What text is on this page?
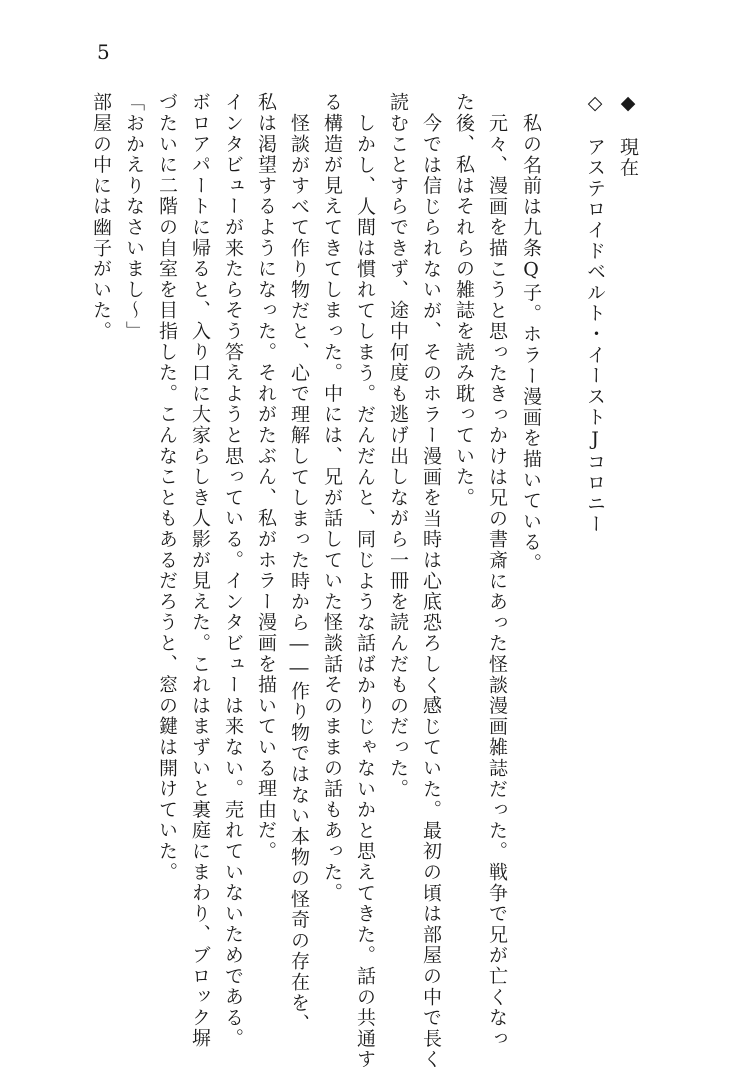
5
◆　現在
◇　アステロイドベルト・イーストJコロニー
私の名前は九条Q子。ホラー漫画を描いている。
元々、漫画を描こうと思ったきっかけは兄の書斎にあった怪談漫画雑誌だった。戦争で兄が亡くなっ
た後、私はそれらの雑誌を読み耽っていた。
今では信じられないが、そのホラー漫画を当時は心底恐ろしく感じていた。最初の頃は部屋の中で長く
読むことすらできず、途中何度も逃げ出しながら一冊を読んだものだった。
しかし、人間は慣れてしまう。だんだんと、同じような話ばかりじゃないかと思えてきた。話の共通す
る構造が見えてきてしまった。中には、兄が話していた怪談話そのままの話もあった。
怪談がすべて作り物だと、心で理解してしまった時から――作り物ではない本物の怪奇の存在を、
私は渇望するようになった。それがたぶん、私がホラー漫画を描いている理由だ。
インタビューが来たらそう答えようと思っている。インタビューは来ない。売れていないためである。
ボロアパートに帰ると、入り口に大家らしき人影が見えた。これはまずいと裏庭にまわり、ブロック塀
づたいに二階の自室を目指した。こんなこともあるだろうと、窓の鍵は開けていた。
「おかえりなさいまし～」
部屋の中には幽子がいた。
